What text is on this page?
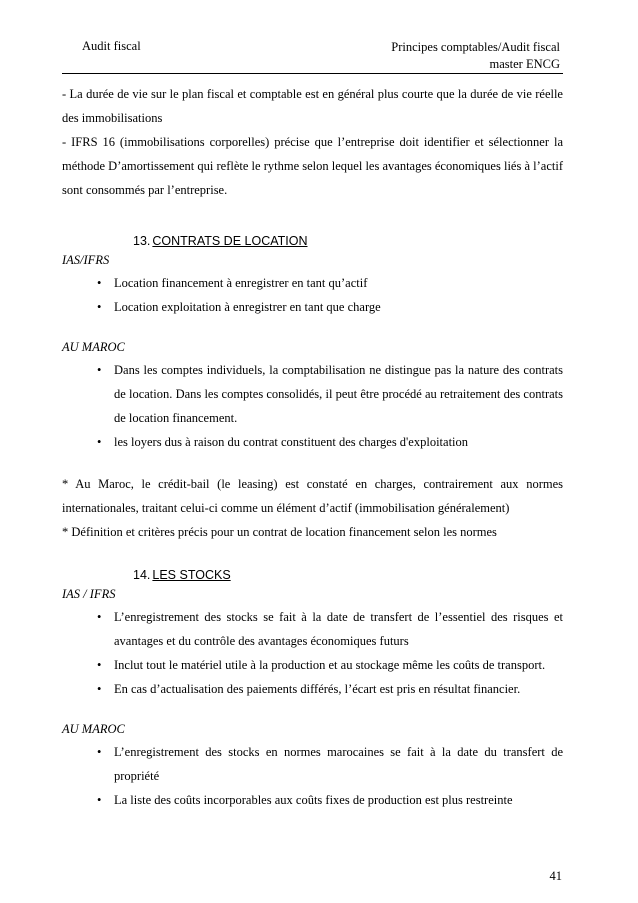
Audit fiscal	Principes comptables/Audit fiscal
master ENCG

- La durée de vie sur le plan fiscal et comptable est en général plus courte que la durée de vie réelle des immobilisations

- IFRS 16 (immobilisations corporelles) précise que l’entreprise doit identifier et sélectionner la méthode D’amortissement qui reflète le rythme selon lequel les avantages économiques liés à l’actif sont consommés par l’entreprise.

13. CONTRATS DE LOCATION

IAS/IFRS

• Location financement à enregistrer en tant qu’actif
• Location exploitation à enregistrer en tant que charge

AU MAROC

• Dans les comptes individuels, la comptabilisation ne distingue pas la nature des contrats de location. Dans les comptes consolidés, il peut être procédé au retraitement des contrats de location financement.
• les loyers dus à raison du contrat constituent des charges d'exploitation

* Au Maroc, le crédit-bail (le leasing) est constaté en charges, contrairement aux normes internationales, traitant celui-ci comme un élément d’actif (immobilisation généralement)

* Définition et critères précis pour un contrat de location financement selon les normes

14. LES STOCKS

IAS / IFRS

• L’enregistrement des stocks se fait à la date de transfert de l’essentiel des risques et avantages et du contrôle des avantages économiques futurs
• Inclut tout le matériel utile à la production et au stockage même les coûts de transport.
• En cas d’actualisation des paiements différés, l’écart est pris en résultat financier.

AU MAROC

• L’enregistrement des stocks en normes marocaines se fait à la date du transfert de propriété
• La liste des coûts incorporables aux coûts fixes de production est plus restreinte
41
